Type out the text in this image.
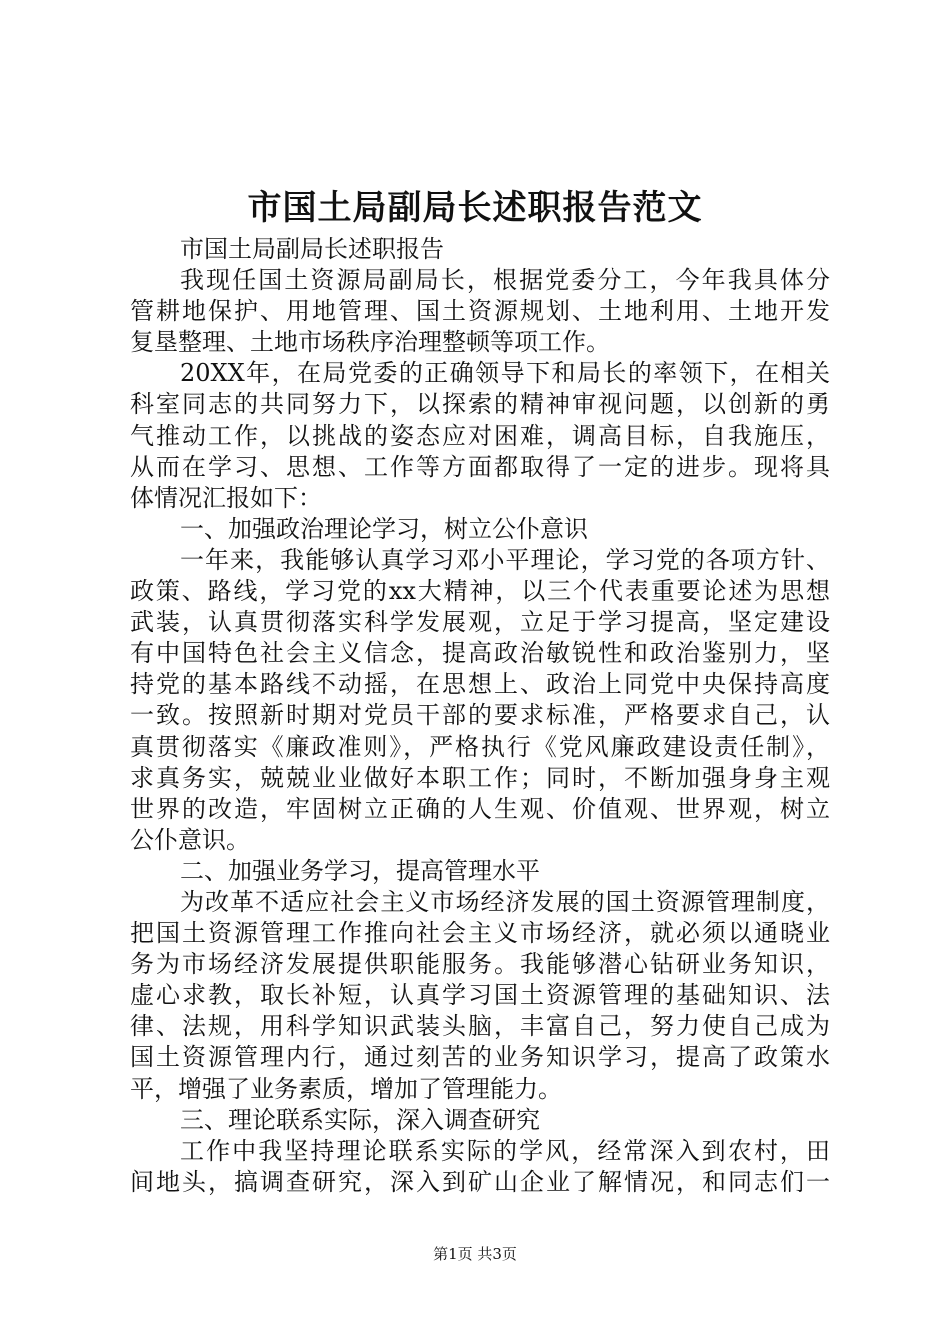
市国土局副局长述职报告范文

市国土局副局长述职报告

我现任国土资源局副局长，根据党委分工，今年我具体分

管耕地保护、用地管理、国土资源规划、土地利用、土地开发

复垦整理、土地市场秩序治理整顿等项工作。

20XX年，在局党委的正确领导下和局长的率领下，在相关

科室同志的共同努力下，以探索的精神审视问题，以创新的勇

气推动工作，以挑战的姿态应对困难，调高目标，自我施压，

从而在学习、思想、工作等方面都取得了一定的进步。现将具

体情况汇报如下：

一、加强政治理论学习，树立公仆意识

一年来，我能够认真学习邓小平理论，学习党的各项方针、

政策、路线，学习党的xx大精神，以三个代表重要论述为思想

武装，认真贯彻落实科学发展观，立足于学习提高，坚定建设

有中国特色社会主义信念，提高政治敏锐性和政治鉴别力，坚

持党的基本路线不动摇，在思想上、政治上同党中央保持高度

一致。按照新时期对党员干部的要求标准，严格要求自己，认

真贯彻落实《廉政准则》，严格执行《党风廉政建设责任制》，

求真务实，兢兢业业做好本职工作；同时，不断加强身身主观

世界的改造，牢固树立正确的人生观、价值观、世界观，树立

公仆意识。

二、加强业务学习，提高管理水平

为改革不适应社会主义市场经济发展的国土资源管理制度，

把国土资源管理工作推向社会主义市场经济，就必须以通晓业

务为市场经济发展提供职能服务。我能够潜心钻研业务知识，

虚心求教，取长补短，认真学习国土资源管理的基础知识、法

律、法规，用科学知识武装头脑，丰富自己，努力使自己成为

国土资源管理内行，通过刻苦的业务知识学习，提高了政策水

平，增强了业务素质，增加了管理能力。

三、理论联系实际，深入调查研究

工作中我坚持理论联系实际的学风，经常深入到农村，田

间地头，搞调查研究，深入到矿山企业了解情况，和同志们一

第1页 共3页
